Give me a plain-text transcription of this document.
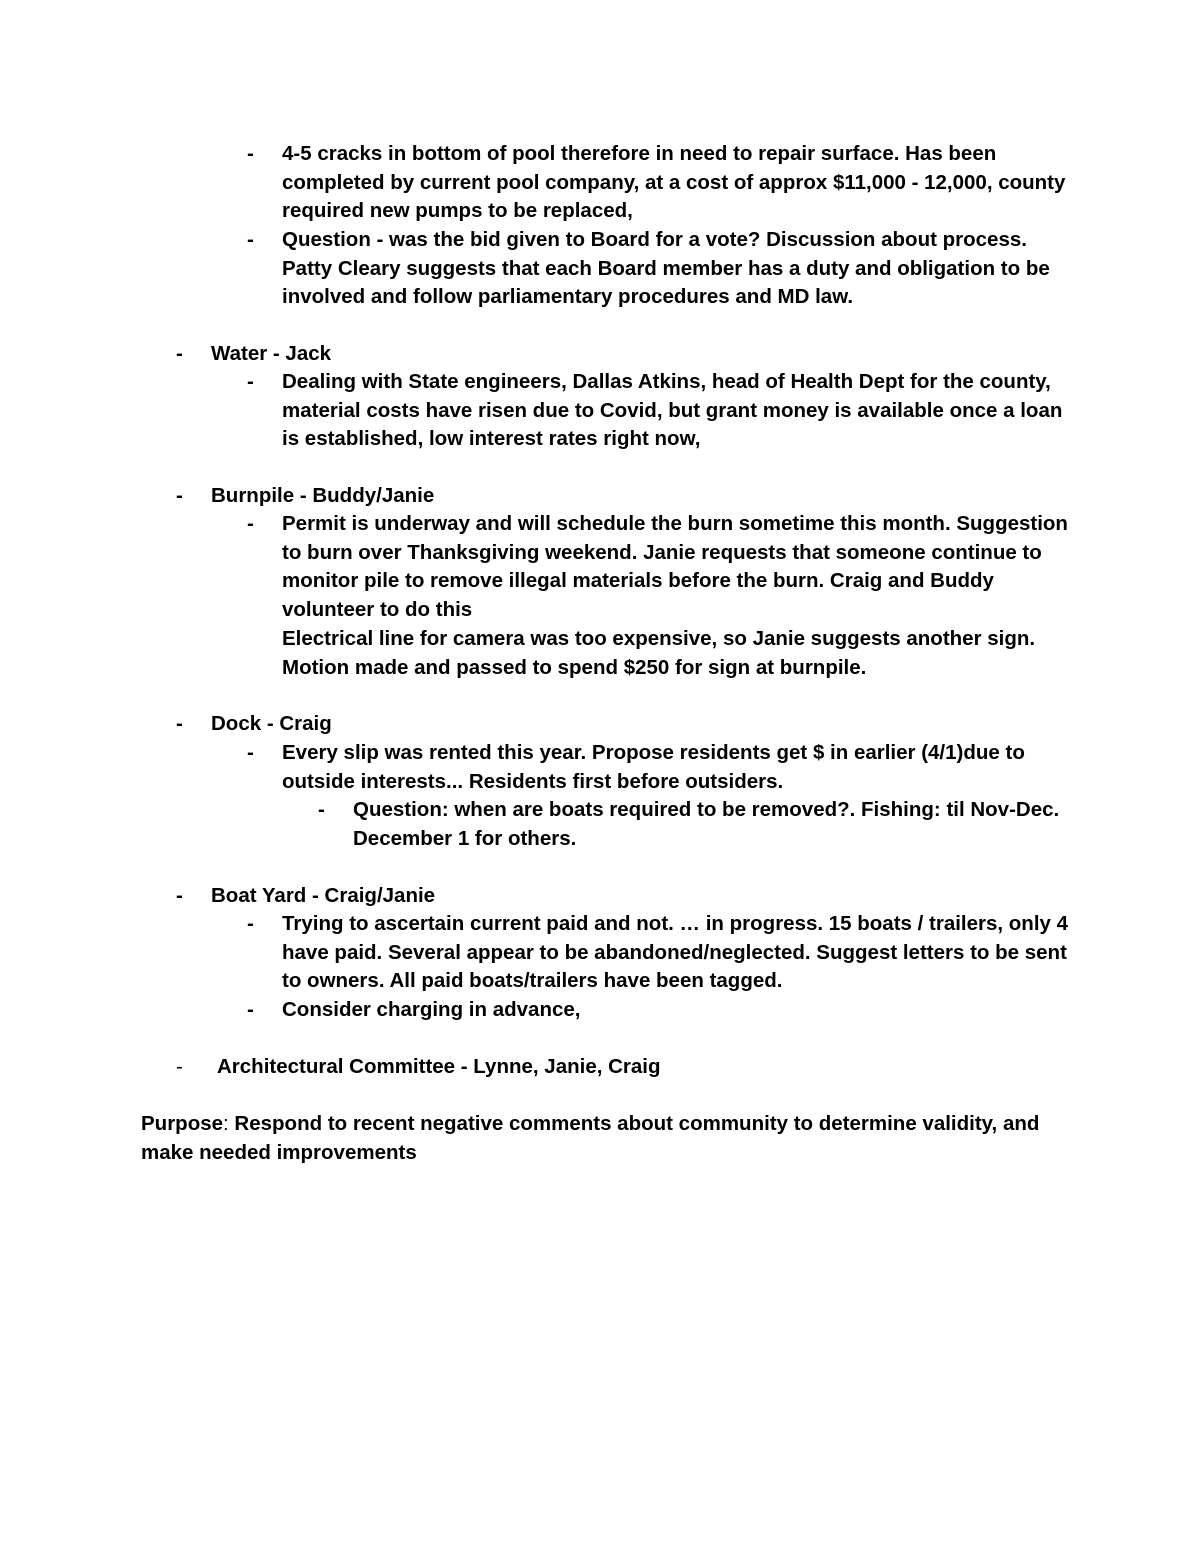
- 4-5 cracks in bottom of pool therefore in need to repair surface. Has been completed by current pool company, at a cost of approx $11,000 - 12,000, county required new pumps to be replaced,
- Question - was the bid given to Board for a vote? Discussion about process. Patty Cleary suggests that each Board member has a duty and obligation to be involved and follow parliamentary procedures and MD law.
- Water - Jack
- Dealing with State engineers, Dallas Atkins, head of Health Dept for the county, material costs have risen due to Covid, but grant money is available once a loan is established, low interest rates right now,
- Burnpile - Buddy/Janie
- Permit is underway and will schedule the burn sometime this month. Suggestion to burn over Thanksgiving weekend. Janie requests that someone continue to monitor pile to remove illegal materials before the burn. Craig and Buddy volunteer to do this
Electrical line for camera was too expensive, so Janie suggests another sign. Motion made and passed to spend $250 for sign at burnpile.
- Dock - Craig
- Every slip was rented this year. Propose residents get $ in earlier (4/1)due to outside interests... Residents first before outsiders.
- Question: when are boats required to be removed?. Fishing: til Nov-Dec. December 1 for others.
- Boat Yard - Craig/Janie
- Trying to ascertain current paid and not. … in progress. 15 boats / trailers, only 4 have paid. Several appear to be abandoned/neglected. Suggest letters to be sent to owners. All paid boats/trailers have been tagged.
- Consider charging in advance,
- Architectural Committee - Lynne, Janie, Craig
Purpose: Respond to recent negative comments about community to determine validity, and make needed improvements
